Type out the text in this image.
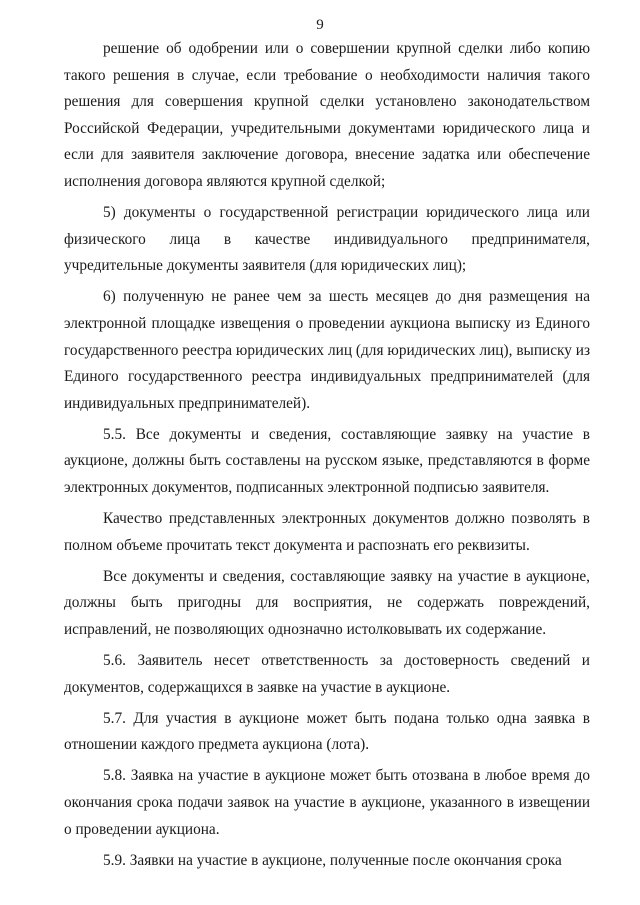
9

решение об одобрении или о совершении крупной сделки либо копию такого решения в случае, если требование о необходимости наличия такого решения для совершения крупной сделки установлено законодательством Российской Федерации, учредительными документами юридического лица и если для заявителя заключение договора, внесение задатка или обеспечение исполнения договора являются крупной сделкой;

5) документы о государственной регистрации юридического лица или физического лица в качестве индивидуального предпринимателя, учредительные документы заявителя (для юридических лиц);

6) полученную не ранее чем за шесть месяцев до дня размещения на электронной площадке извещения о проведении аукциона выписку из Единого государственного реестра юридических лиц (для юридических лиц), выписку из Единого государственного реестра индивидуальных предпринимателей (для индивидуальных предпринимателей).

5.5. Все документы и сведения, составляющие заявку на участие в аукционе, должны быть составлены на русском языке, представляются в форме электронных документов, подписанных электронной подписью заявителя.

Качество представленных электронных документов должно позволять в полном объеме прочитать текст документа и распознать его реквизиты.

Все документы и сведения, составляющие заявку на участие в аукционе, должны быть пригодны для восприятия, не содержать повреждений, исправлений, не позволяющих однозначно истолковывать их содержание.

5.6. Заявитель несет ответственность за достоверность сведений и документов, содержащихся в заявке на участие в аукционе.

5.7. Для участия в аукционе может быть подана только одна заявка в отношении каждого предмета аукциона (лота).

5.8. Заявка на участие в аукционе может быть отозвана в любое время до окончания срока подачи заявок на участие в аукционе, указанного в извещении о проведении аукциона.

5.9. Заявки на участие в аукционе, полученные после окончания срока
